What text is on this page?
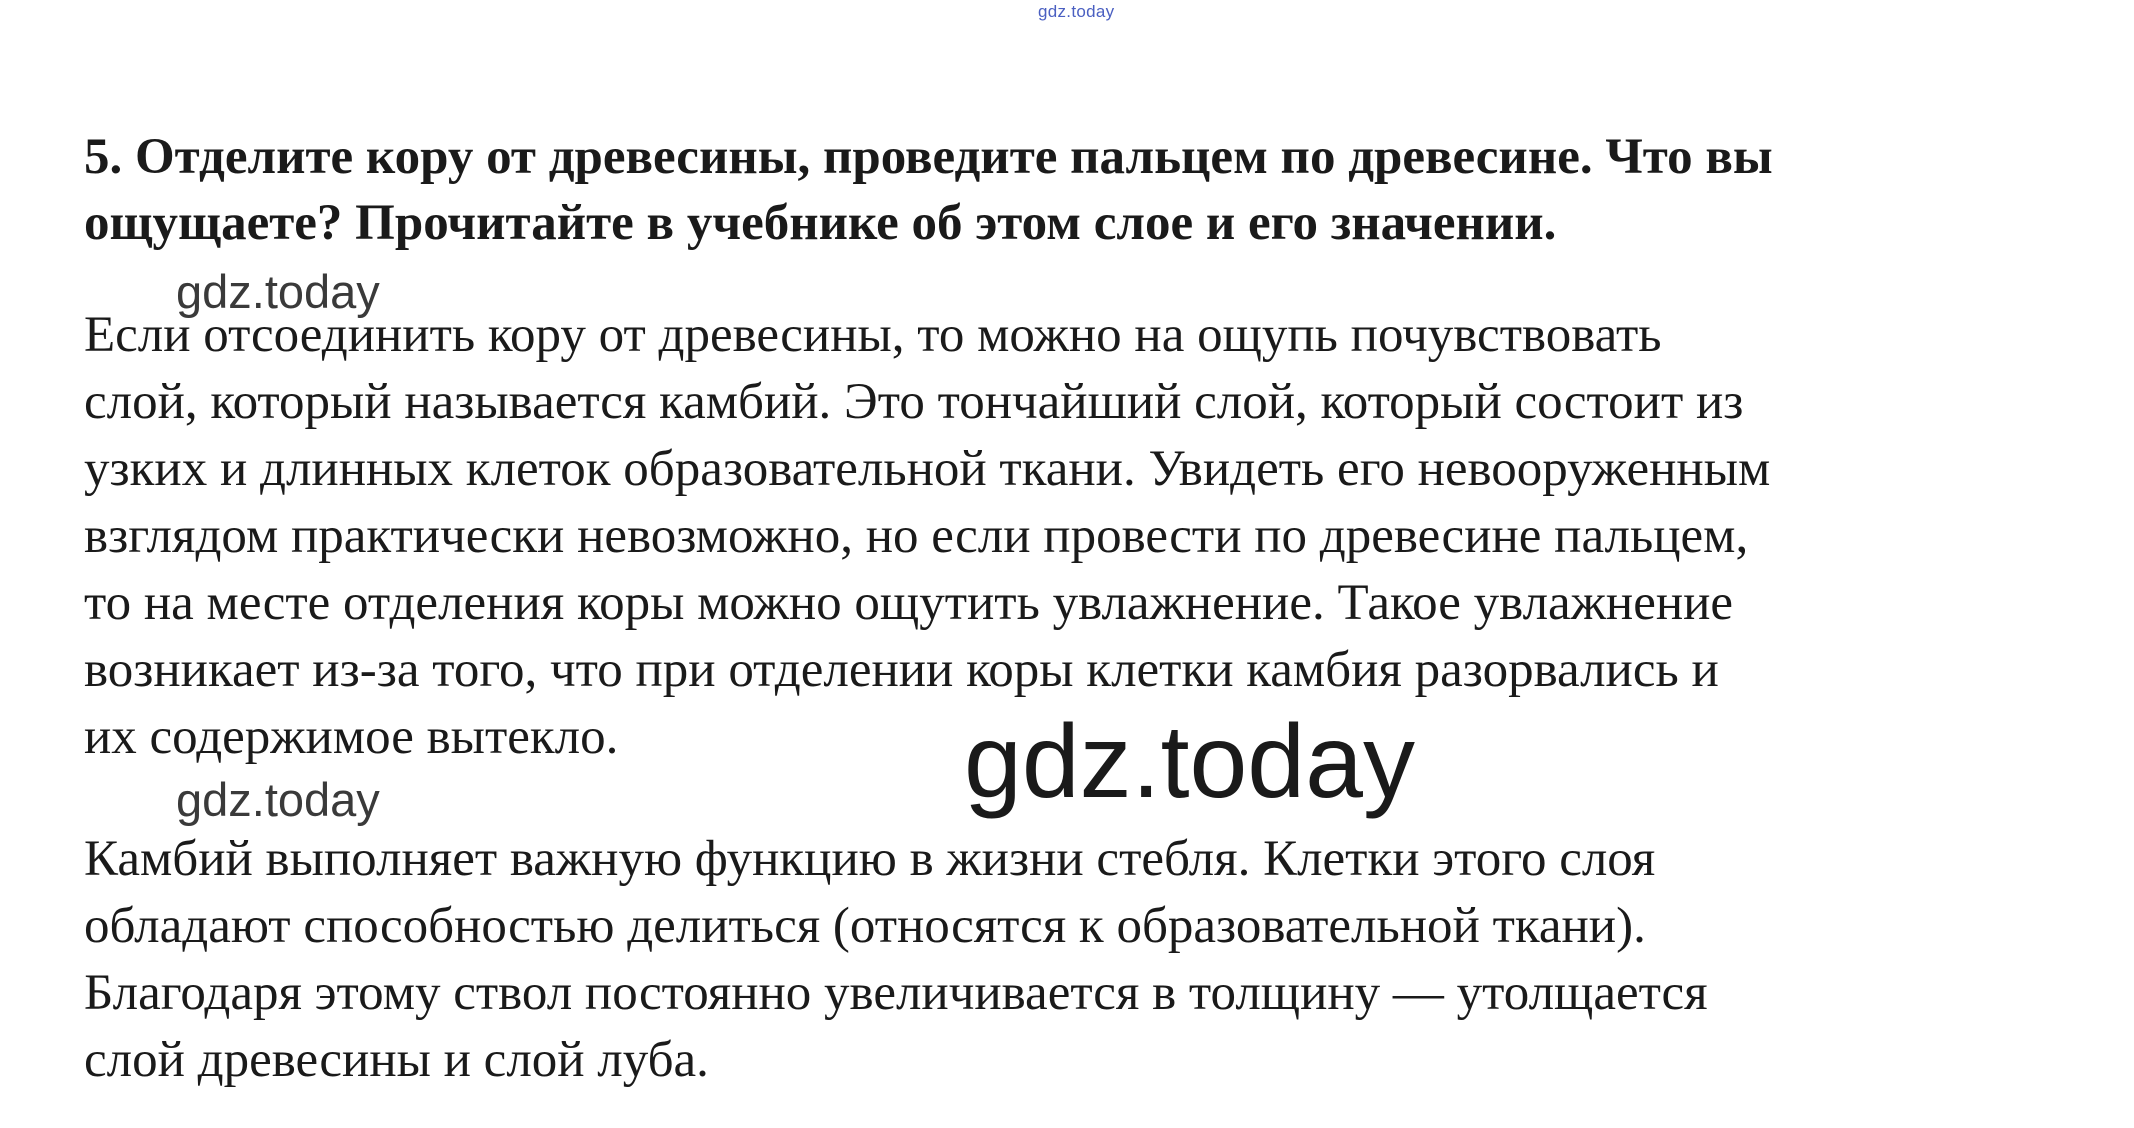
gdz.today
5. Отделите кору от древесины, проведите пальцем по древесине. Что вы
ощущаете? Прочитайте в учебнике об этом слое и его значении.

Если отсоединить кору от древесины, то можно на ощупь почувствовать
слой, который называется камбий. Это тончайший слой, который состоит из
узких и длинных клеток образовательной ткани. Увидеть его невооруженным
взглядом практически невозможно, но если провести по древесине пальцем,
то на месте отделения коры можно ощутить увлажнение. Такое увлажнение
возникает из-за того, что при отделении коры клетки камбия разорвались и
их содержимое вытекло.

Камбий выполняет важную функцию в жизни стебля. Клетки этого слоя
обладают способностью делиться (относятся к образовательной ткани).
Благодаря этому ствол постоянно увеличивается в толщину — утолщается
слой древесины и слой луба.

gdz.today
gdz.today	gdz.today
